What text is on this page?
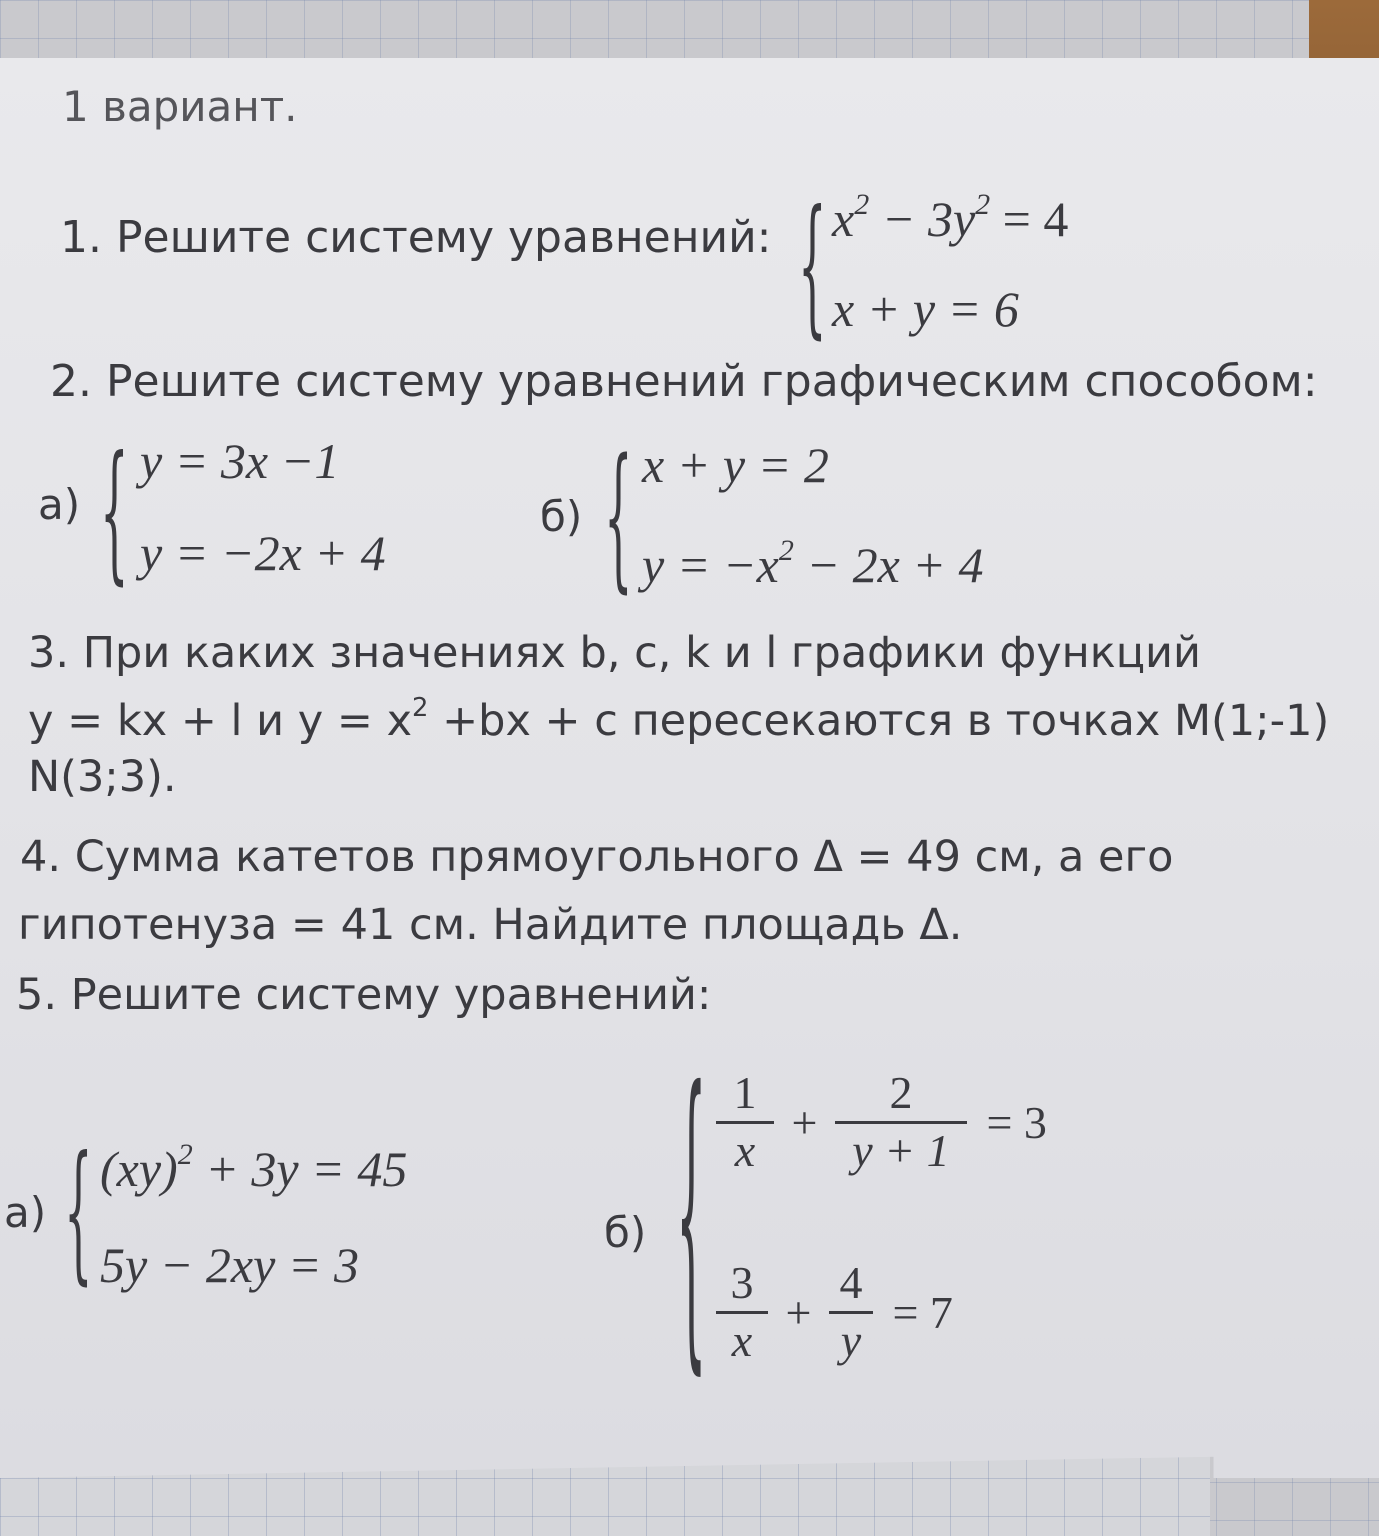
1 вариант.
1. Решите систему уравнений: { $x^2 - 3y^2 = 4$
x + y = 6
2. Решите систему уравнений графическим способом:
а) { y = 3x −1
y = −2x + 4
б) { x + y = 2
$y = -x^2 - 2x + 4$
3. При каких значениях b, c, k и l графики функций
y = kx + l и $y = x^2 +bx + c$ пересекаются в точках M(1;-1)
N(3;3).
4. Сумма катетов прямоугольного Δ = 49 см, а его
гипотенуза = 41 см. Найдите площадь Δ.
5. Решите систему уравнений:
а) { (xy)$^2$ + 3y = 45
5y − 2xy = 3
б) { $\frac{1}{x} + \frac{2}{y + 1} = 3$
$\frac{3}{x} + \frac{4}{y} = 7$
